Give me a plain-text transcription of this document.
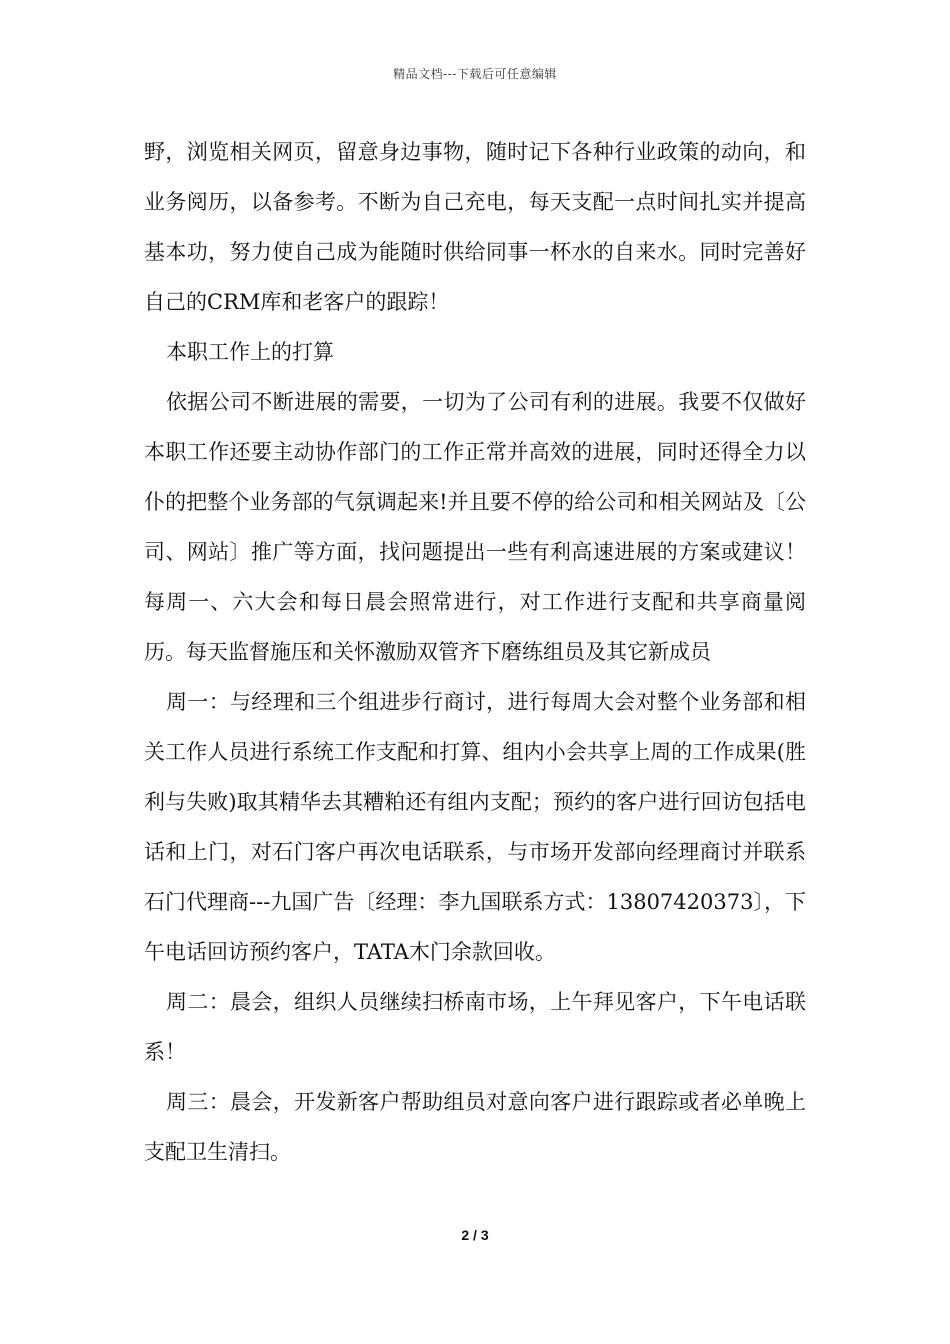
精品文档---下载后可任意编辑

野，浏览相关网页，留意身边事物，随时记下各种行业政策的动向，和业务阅历，以备参考。不断为自己充电，每天支配一点时间扎实并提高基本功，努力使自己成为能随时供给同事一杯水的自来水。同时完善好自己的CRM库和老客户的跟踪！

本职工作上的打算

依据公司不断进展的需要，一切为了公司有利的进展。我要不仅做好本职工作还要主动协作部门的工作正常并高效的进展，同时还得全力以仆的把整个业务部的气氛调起来!并且要不停的给公司和相关网站及〔公司、网站〕推广等方面，找问题提出一些有利高速进展的方案或建议！每周一、六大会和每日晨会照常进行，对工作进行支配和共享商量阅历。每天监督施压和关怀激励双管齐下磨练组员及其它新成员

周一：与经理和三个组进步行商讨，进行每周大会对整个业务部和相关工作人员进行系统工作支配和打算、组内小会共享上周的工作成果(胜利与失败)取其精华去其糟粕还有组内支配；预约的客户进行回访包括电话和上门，对石门客户再次电话联系，与市场开发部向经理商讨并联系石门代理商---九国广告〔经理：李九国联系方式：13807420373〕，下午电话回访预约客户，TATA木门余款回收。

周二：晨会，组织人员继续扫桥南市场，上午拜见客户，下午电话联系！

周三：晨会，开发新客户帮助组员对意向客户进行跟踪或者必单晚上支配卫生清扫。

2 / 3
